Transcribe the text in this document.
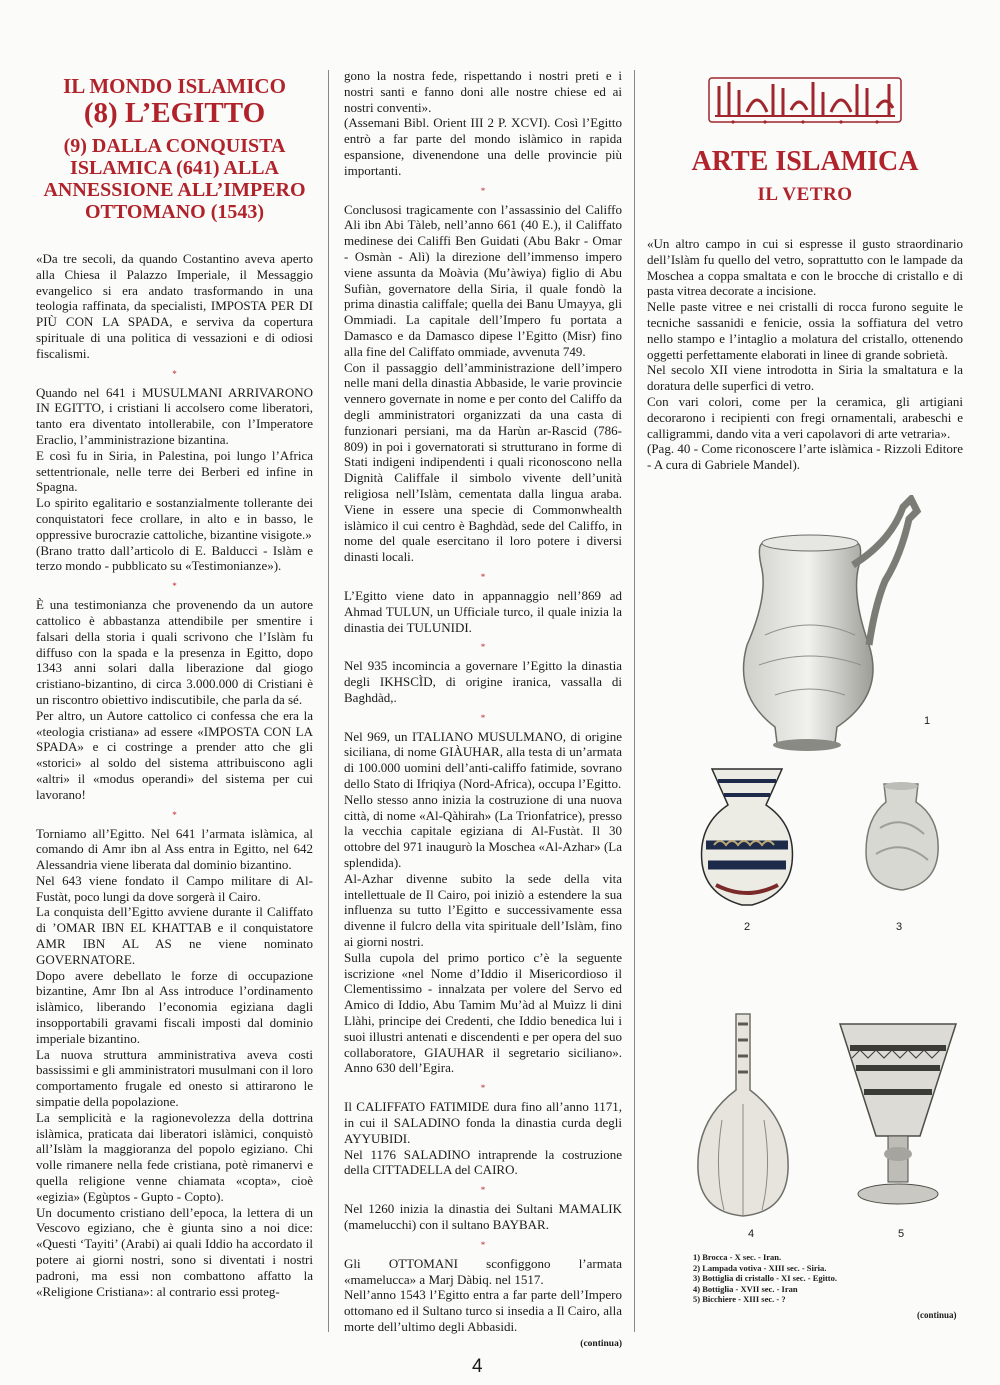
IL MONDO ISLAMICO
(8) L’EGITTO
(9) DALLA CONQUISTA
ISLAMICA (641) ALLA
ANNESSIONE ALL’IMPERO
OTTOMANO (1543)

«Da tre secoli, da quando Costantino aveva aperto alla Chiesa il Palazzo Imperiale, il Messaggio evangelico si era andato trasformando in una teologia raffinata, da specialisti, IMPOSTA PER DI PIÙ CON LA SPADA, e serviva da copertura spirituale di una politica di vessazioni e di odiosi fiscalismi.

*

Quando nel 641 i MUSULMANI ARRIVARONO IN EGITTO, i cristiani li accolsero come liberatori, tanto era diventato intollerabile, con l’Imperatore Eraclio, l’amministrazione bizantina.

E così fu in Siria, in Palestina, poi lungo l’Africa settentrionale, nelle terre dei Berberi ed infine in Spagna.

Lo spirito egalitario e sostanzialmente tollerante dei conquistatori fece crollare, in alto e in basso, le oppressive burocrazie cattoliche, bizantine visigote.»

(Brano tratto dall’articolo di E. Balducci - Islàm e terzo mondo - pubblicato su «Testimonianze»).

*

È una testimonianza che provenendo da un autore cattolico è abbastanza attendibile per smentire i falsari della storia i quali scrivono che l’Islàm fu diffuso con la spada e la presenza in Egitto, dopo 1343 anni solari dalla liberazione dal giogo cristiano-bizantino, di circa 3.000.000 di Cristiani è un riscontro obiettivo indiscutibile, che parla da sé.

Per altro, un Autore cattolico ci confessa che era la «teologia cristiana» ad essere «IMPOSTA CON LA SPADA» e ci costringe a prender atto che gli «storici» al soldo del sistema attribuiscono agli «altri» il «modus operandi» del sistema per cui lavorano!

*

Torniamo all’Egitto. Nel 641 l’armata islàmica, al comando di Amr ibn al Ass entra in Egitto, nel 642 Alessandria viene liberata dal dominio bizantino.

Nel 643 viene fondato il Campo militare di Al-Fustàt, poco lungi da dove sorgerà il Cairo.

La conquista dell’Egitto avviene durante il Califfato di ’OMAR IBN EL KHATTAB e il conquistatore AMR IBN AL AS ne viene nominato GOVERNATORE.

Dopo avere debellato le forze di occupazione bizantine, Amr Ibn al Ass introduce l’ordinamento islàmico, liberando l’economia egiziana dagli insopportabili gravami fiscali imposti dal dominio imperiale bizantino.

La nuova struttura amministrativa aveva costi bassissimi e gli amministratori musulmani con il loro comportamento frugale ed onesto si attirarono le simpatie della popolazione.

La semplicità e la ragionevolezza della dottrina islàmica, praticata dai liberatori islàmici, conquistò all’Islàm la maggioranza del popolo egiziano. Chi volle rimanere nella fede cristiana, potè rimanervi e quella religione venne chiamata «copta», cioè «egizia» (Egùptos - Gupto - Copto).

Un documento cristiano dell’epoca, la lettera di un Vescovo egiziano, che è giunta sino a noi dice: «Questi ‘Tayiti’ (Arabi) ai quali Iddio ha accordato il potere ai giorni nostri, sono si diventati i nostri padroni, ma essi non combattono affatto la «Religione Cristiana»: al contrario essi proteg-

gono la nostra fede, rispettando i nostri preti e i nostri santi e fanno doni alle nostre chiese ed ai nostri conventi».

(Assemani Bibl. Orient III 2 P. XCVI). Così l’Egitto entrò a far parte del mondo islàmico in rapida espansione, divenendone una delle provincie più importanti.

*

Conclusosi tragicamente con l’assassinio del Califfo Ali ibn Abi Tàleb, nell’anno 661 (40 E.), il Califfato medinese dei Califfi Ben Guidati (Abu Bakr - Omar - Osmàn - Alì) la direzione dell’immenso impero viene assunta da Moàvia (Mu’àwiya) figlio di Abu Sufiàn, governatore della Siria, il quale fondò la prima dinastia califfale; quella dei Banu Umayya, gli Ommiadi. La capitale dell’Impero fu portata a Damasco e da Damasco dipese l’Egitto (Misr) fino alla fine del Califfato ommiade, avvenuta 749.

Con il passaggio dell’amministrazione dell’impero nelle mani della dinastia Abbaside, le varie provincie vennero governate in nome e per conto del Califfo da degli amministratori organizzati da una casta di funzionari persiani, ma da Harùn ar-Rascid (786-809) in poi i governatorati si strutturano in forme di Stati indigeni indipendenti i quali riconoscono nella Dignità Califfale il simbolo vivente dell’unità religiosa nell’Islàm, cementata dalla lingua araba. Viene in essere una specie di Commonwhealth islàmico il cui centro è Baghdàd, sede del Califfo, in nome del quale esercitano il loro potere i diversi dinasti locali.

*

L’Egitto viene dato in appannaggio nell’869 ad Ahmad TULUN, un Ufficiale turco, il quale inizia la dinastia dei TULUNIDI.

*

Nel 935 incomincia a governare l’Egitto la dinastia degli IKHSCÌD, di origine iranica, vassalla di Baghdàd,.

*

Nel 969, un ITALIANO MUSULMANO, di origine siciliana, di nome GIÀUHAR, alla testa di un’armata di 100.000 uomini dell’anti-califfo fatimide, sovrano dello Stato di Ifriqiya (Nord-Africa), occupa l’Egitto.

Nello stesso anno inizia la costruzione di una nuova città, di nome «Al-Qàhirah» (La Trionfatrice), presso la vecchia capitale egiziana di Al-Fustàt. Il 30 ottobre del 971 inaugurò la Moschea «Al-Azhar» (La splendida).

Al-Azhar divenne subito la sede della vita intellettuale de Il Cairo, poi iniziò a estendere la sua influenza su tutto l’Egitto e successivamente essa divenne il fulcro della vita spirituale dell’Islàm, fino ai giorni nostri.

Sulla cupola del primo portico c’è la seguente iscrizione «nel Nome d’Iddio il Misericordioso il Clementissimo - innalzata per volere del Servo ed Amico di Iddio, Abu Tamim Mu’àd al Muìzz li dini Llàhi, principe dei Credenti, che Iddio benedica lui i suoi illustri antenati e discendenti e per opera del suo collaboratore, GIAUHAR il segretario siciliano». Anno 630 dell’Egira.

*

Il CALIFFATO FATIMIDE dura fino all’anno 1171, in cui il SALADINO fonda la dinastia curda degli AYYUBIDI.

Nel 1176 SALADINO intraprende la costruzione della CITTADELLA del CAIRO.

*

Nel 1260 inizia la dinastia dei Sultani MAMALIK (mamelucchi) con il sultano BAYBAR.

*

Gli OTTOMANI sconfiggono l’armata «mamelucca» a Marj Dàbiq. nel 1517.

Nell’anno 1543 l’Egitto entra a far parte dell’Impero ottomano ed il Sultano turco si insedia a Il Cairo, alla morte dell’ultimo degli Abbasidi.

(continua)
ARTE ISLAMICA
IL VETRO

«Un altro campo in cui si espresse il gusto straordinario dell’Islàm fu quello del vetro, soprattutto con le lampade da Moschea a coppa smaltata e con le brocche di cristallo e di pasta vitrea decorate a incisione.

Nelle paste vitree e nei cristalli di rocca furono seguite le tecniche sassanidi e fenicie, ossia la soffiatura del vetro nello stampo e l’intaglio a molatura del cristallo, ottenendo oggetti perfettamente elaborati in linee di grande sobrietà.

Nel secolo XII viene introdotta in Siria la smaltatura e la doratura delle superfici di vetro.

Con vari colori, come per la ceramica, gli artigiani decorarono i recipienti con fregi ornamentali, arabeschi e calligrammi, dando vita a veri capolavori di arte vetraria».

(Pag. 40 - Come riconoscere l’arte islàmica - Rizzoli Editore - A cura di Gabriele Mandel).

1
2	3
4	5
1) Brocca - X sec. - Iran.
2) Lampada votiva - XIII sec. - Siria.
3) Bottiglia di cristallo - XI sec. - Egitto.
4) Bottiglia - XVII sec. - Iran
5) Bicchiere - XIII sec. - ?
(continua)
4
